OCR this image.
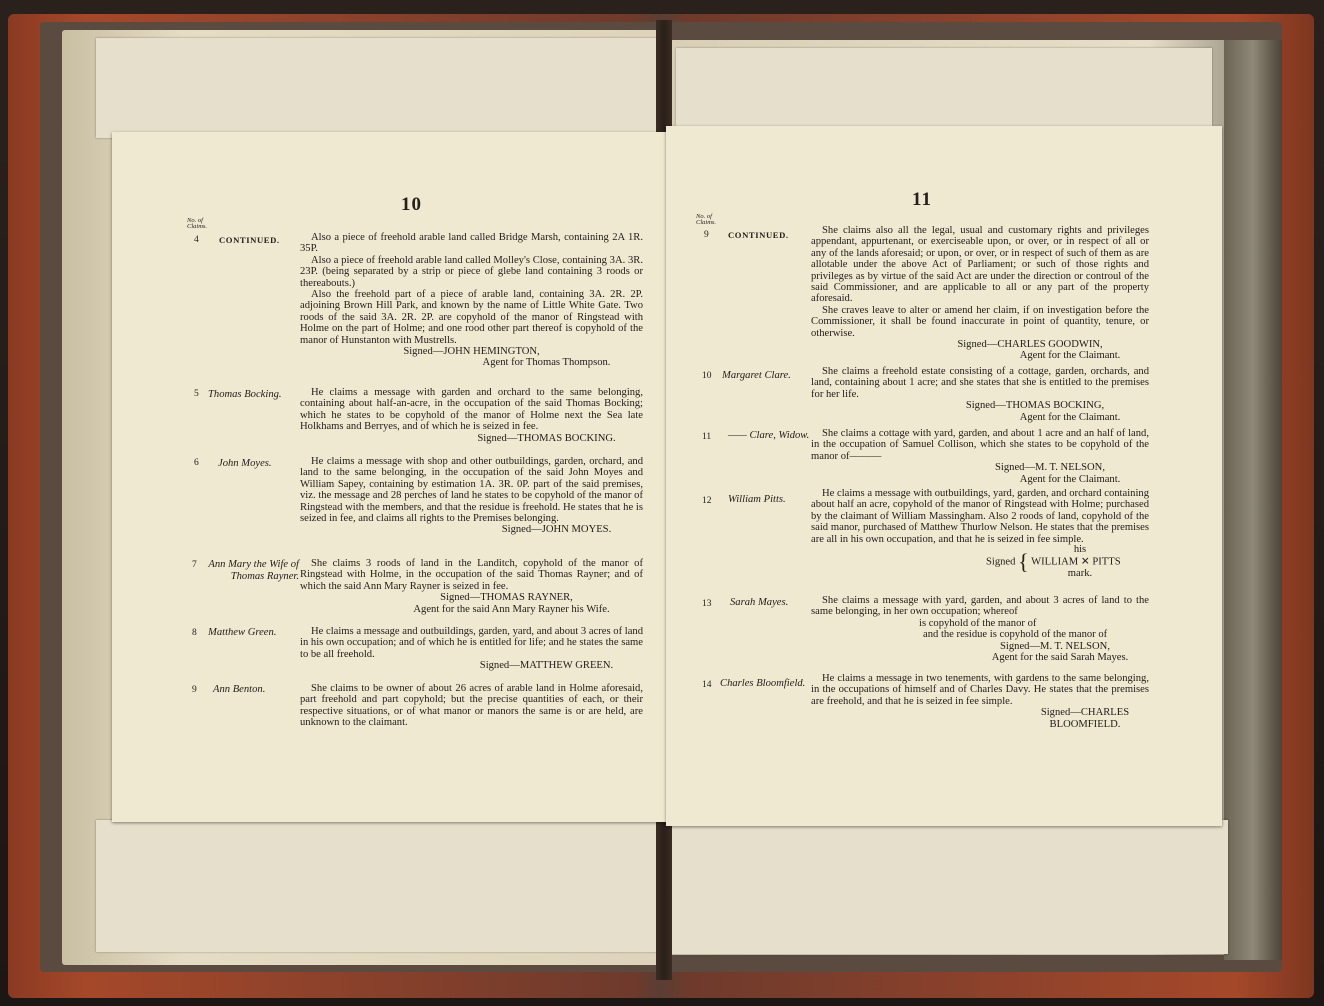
10
No. of Claims.
4 CONTINUED.	Also a piece of freehold arable land called Bridge Marsh, containing 2A 1R. 35P.

Also a piece of freehold arable land called Molley's Close, containing 3A. 3R. 23P. (being separated by a strip or piece of glebe land containing 3 roods or thereabouts.)

Also the freehold part of a piece of arable land, containing 3A. 2R. 2P. adjoining Brown Hill Park, and known by the name of Little White Gate. Two roods of the said 3A. 2R. 2P. are copyhold of the manor of Ringstead with Holme on the part of Holme; and one rood other part thereof is copyhold of the manor of Hunstanton with Mustrells.

Signed—JOHN HEMINGTON,
Agent for Thomas Thompson.
5 Thomas Bocking.	He claims a message with garden and orchard to the same belonging, containing about half-an-acre, in the occupation of the said Thomas Bocking; which he states to be copyhold of the manor of Holme next the Sea late Holkhams and Berryes, and of which he is seized in fee.

Signed—THOMAS BOCKING.
6 John Moyes.	He claims a message with shop and other outbuildings, garden, orchard, and land to the same belonging, in the occupation of the said John Moyes and William Sapey, containing by estimation 1A. 3R. 0P. part of the said premises, viz. the message and 28 perches of land he states to be copyhold of the manor of Ringstead with the members, and that the residue is freehold. He states that he is seized in fee, and claims all rights to the Premises belonging.

Signed—JOHN MOYES.
7	Ann Mary the Wife of Thomas Rayner.

She claims 3 roods of land in the Landitch, copyhold of the manor of Ringstead with Holme, in the occupation of the said Thomas Rayner; and of which the said Ann Mary Rayner is seized in fee.

Signed—THOMAS RAYNER,
Agent for the said Ann Mary Rayner his Wife.
8 Matthew Green.	He claims a message and outbuildings, garden, yard, and about 3 acres of land in his own occupation; and of which he is entitled for life; and he states the same to be all freehold.

Signed—MATTHEW GREEN.
9 Ann Benton.	She claims to be owner of about 26 acres of arable land in Holme aforesaid, part freehold and part copyhold; but the precise quantities of each, or their respective situations, or of what manor or manors the same is or are held, are unknown to the claimant.

11
No. of Claims.
9 CONTINUED.	She claims also all the legal, usual and customary rights and privileges appendant, appurtenant, or exerciseable upon, or over, or in respect of all or any of the lands aforesaid; or upon, or over, or in respect of such of them as are allotable under the above Act of Parliament; or such of those rights and privileges as by virtue of the said Act are under the direction or controul of the said Commissioner, and are applicable to all or any part of the property aforesaid.

She craves leave to alter or amend her claim, if on investigation before the Commissioner, it shall be found inaccurate in point of quantity, tenure, or otherwise.

Signed—CHARLES GOODWIN,
Agent for the Claimant.
10 Margaret Clare.	She claims a freehold estate consisting of a cottage, garden, orchards, and land, containing about 1 acre; and she states that she is entitled to the premises for her life.

Signed—THOMAS BOCKING,
Agent for the Claimant.
11 —— Clare, Widow.	She claims a cottage with yard, garden, and about 1 acre and an half of land, in the occupation of Samuel Collison, which she states to be copyhold of the manor of———

Signed—M. T. NELSON,
Agent for the Claimant.
12 William Pitts.

He claims a message with outbuildings, yard, garden, and orchard containing about half an acre, copyhold of the manor of Ringstead with Holme; purchased by the claimant of William Massingham. Also 2 roods of land, copyhold of the said manor, purchased of Matthew Thurlow Nelson. He states that the premises are all in his own occupation, and that he is seized in fee simple.

his
Signed { WILLIAM ✕ PITTS
mark.
13 Sarah Mayes.	She claims a message with yard, garden, and about 3 acres of land to the same belonging, in her own occupation; whereof

is copyhold of the manor of
and the residue is copyhold of the manor of
Signed—M. T. NELSON,
Agent for the said Sarah Mayes.
14 Charles Bloomfield.	He claims a message in two tenements, with gardens to the same belonging, in the occupations of himself and of Charles Davy. He states that the premises are freehold, and that he is seized in fee simple.

Signed—CHARLES BLOOMFIELD.
